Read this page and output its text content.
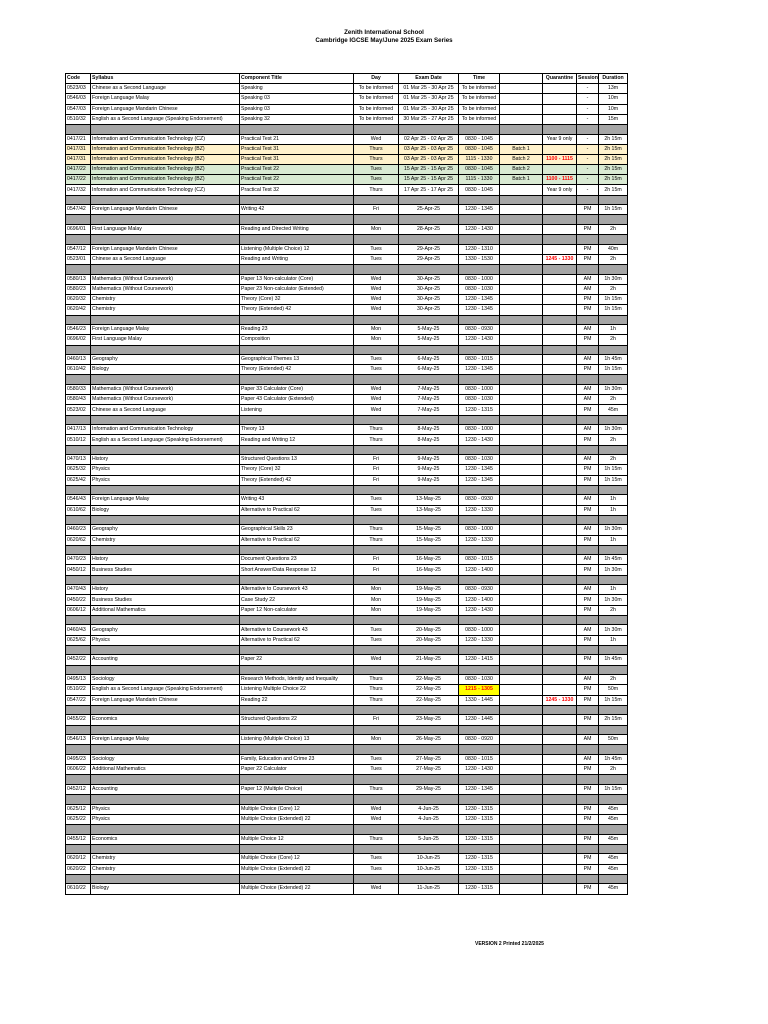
Zenith International School
Cambridge IGCSE May/June 2025 Exam Series
Code	Syllabus	Component Title	Day	Exam Date	Time		Quarantine	Session	Duration
0523/03	Chinese as a Second Language	Speaking	To be informed	01 Mar 25 - 30 Apr 25	To be informed			-	13m
0546/03	Foreign Language Malay	Speaking 03	To be informed	01 Mar 25 - 30 Apr 25	To be informed			-	10m
0547/03	Foreign Language Mandarin Chinese	Speaking 03	To be informed	01 Mar 25 - 30 Apr 25	To be informed			-	10m
0510/32	English as a Second Language (Speaking Endorsement)	Speaking 32	To be informed	30 Mar 25 - 27 Apr 25	To be informed			-	15m

0417/21	Information and Communication Technology (CZ)	Practical Test 21	Wed	02 Apr 25 - 02 Apr 25	0830 - 1045		Year 9 only	-	2h 15m
0417/31	Information and Communication Technology (BZ)	Practical Test 31	Thurs	03 Apr 25 - 03 Apr 25	0830 - 1045	Batch 1		-	2h 15m
0417/31	Information and Communication Technology (BZ)	Practical Test 31	Thurs	03 Apr 25 - 03 Apr 25	1115 - 1330	Batch 2	1100 - 1115	-	2h 15m
0417/22	Information and Communication Technology (BZ)	Practical Test 22	Tues	15 Apr 25 - 15 Apr 25	0830 - 1045	Batch 2		-	2h 15m
0417/22	Information and Communication Technology (BZ)	Practical Test 22	Tues	15 Apr 25 - 15 Apr 25	1115 - 1330	Batch 1	1100 - 1115	-	2h 15m
0417/32	Information and Communication Technology (CZ)	Practical Test 32	Thurs	17 Apr 25 - 17 Apr 25	0830 - 1045		Year 9 only	-	2h 15m

0547/42	Foreign Language Mandarin Chinese	Writing 42	Fri	25-Apr-25	1230 - 1345			PM	1h 15m

0696/01	First Language Malay	Reading and Directed Writing	Mon	28-Apr-25	1230 - 1430			PM	2h

0547/12	Foreign Language Mandarin Chinese	Listening (Multiple Choice) 12	Tues	29-Apr-25	1230 - 1310			PM	40m
0523/01	Chinese as a Second Language	Reading and Writing	Tues	29-Apr-25	1330 - 1530		1245 - 1330	PM	2h

0580/13	Mathematics (Without Coursework)	Paper 13 Non-calculator (Core)	Wed	30-Apr-25	0830 - 1000			AM	1h 30m
0580/23	Mathematics (Without Coursework)	Paper 23 Non-calculator (Extended)	Wed	30-Apr-25	0830 - 1030			AM	2h
0620/32	Chemistry	Theory (Core) 32	Wed	30-Apr-25	1230 - 1345			PM	1h 15m
0620/42	Chemistry	Theory (Extended) 42	Wed	30-Apr-25	1230 - 1345			PM	1h 15m

0546/23	Foreign Language Malay	Reading 23	Mon	5-May-25	0830 - 0930			AM	1h
0696/02	First Language Malay	Composition	Mon	5-May-25	1230 - 1430			PM	2h

0460/13	Geography	Geographical Themes 13	Tues	6-May-25	0830 - 1015			AM	1h 45m
0610/42	Biology	Theory (Extended) 42	Tues	6-May-25	1230 - 1345			PM	1h 15m

0580/33	Mathematics (Without Coursework)	Paper 33 Calculator (Core)	Wed	7-May-25	0830 - 1000			AM	1h 30m
0580/43	Mathematics (Without Coursework)	Paper 43 Calculator (Extended)	Wed	7-May-25	0830 - 1030			AM	2h
0523/02	Chinese as a Second Language	Listening	Wed	7-May-25	1230 - 1315			PM	45m

0417/13	Information and Communication Technology	Theory 13	Thurs	8-May-25	0830 - 1000			AM	1h 30m
0510/12	English as a Second Language (Speaking Endorsement)	Reading and Writing 12	Thurs	8-May-25	1230 - 1430			PM	2h

0470/13	History	Structured Questions 13	Fri	9-May-25	0830 - 1030			AM	2h
0625/32	Physics	Theory (Core) 32	Fri	9-May-25	1230 - 1345			PM	1h 15m
0625/42	Physics	Theory (Extended) 42	Fri	9-May-25	1230 - 1345			PM	1h 15m

0546/43	Foreign Language Malay	Writing 43	Tues	13-May-25	0830 - 0930			AM	1h
0610/62	Biology	Alternative to Practical 62	Tues	13-May-25	1230 - 1330			PM	1h

0460/23	Geography	Geographical Skills 23	Thurs	15-May-25	0830 - 1000			AM	1h 30m
0620/62	Chemistry	Alternative to Practical 62	Thurs	15-May-25	1230 - 1330			PM	1h

0470/23	History	Document Questions 23	Fri	16-May-25	0830 - 1015			AM	1h 45m
0450/12	Business Studies	Short Answer/Data Response 12	Fri	16-May-25	1230 - 1400			PM	1h 30m

0470/43	History	Alternative to Coursework 43	Mon	19-May-25	0830 - 0930			AM	1h
0450/22	Business Studies	Case Study 22	Mon	19-May-25	1230 - 1400			PM	1h 30m
0606/12	Additional Mathematics	Paper 12 Non-calculator	Mon	19-May-25	1230 - 1430			PM	2h

0460/43	Geography	Alternative to Coursework 43	Tues	20-May-25	0830 - 1000			AM	1h 30m
0625/62	Physics	Alternative to Practical 62	Tues	20-May-25	1230 - 1330			PM	1h

0452/22	Accounting	Paper 22	Wed	21-May-25	1230 - 1415			PM	1h 45m

0495/13	Sociology	Research Methods, Identity and Inequality	Thurs	22-May-25	0830 - 1030			AM	2h
0510/22	English as a Second Language (Speaking Endorsement)	Listening Multiple Choice 22	Thurs	22-May-25	1215 - 1305			PM	50m
0547/22	Foreign Language Mandarin Chinese	Reading 22	Thurs	22-May-25	1330 - 1445		1245 - 1330	PM	1h 15m

0455/22	Economics	Structured Questions 22	Fri	23-May-25	1230 - 1445			PM	2h 15m

0546/13	Foreign Language Malay	Listening (Multiple Choice) 13	Mon	26-May-25	0830 - 0920			AM	50m

0495/23	Sociology	Family, Education and Crime 23	Tues	27-May-25	0830 - 1015			AM	1h 45m
0606/22	Additional Mathematics	Paper 22 Calculator	Tues	27-May-25	1230 - 1430			PM	2h

0452/12	Accounting	Paper 12 (Multiple Choice)	Thurs	29-May-25	1230 - 1345			PM	1h 15m

0625/12	Physics	Multiple Choice (Core) 12	Wed	4-Jun-25	1230 - 1315			PM	45m
0625/22	Physics	Multiple Choice (Extended) 22	Wed	4-Jun-25	1230 - 1315			PM	45m

0455/12	Economics	Multiple Choice 12	Thurs	5-Jun-25	1230 - 1315			PM	45m

0620/12	Chemistry	Multiple Choice (Core) 12	Tues	10-Jun-25	1230 - 1315			PM	45m
0620/22	Chemistry	Multiple Choice (Extended) 22	Tues	10-Jun-25	1230 - 1315			PM	45m

0610/22	Biology	Multiple Choice (Extended) 22	Wed	11-Jun-25	1230 - 1315			PM	45m
VERSION 2 Printed 21/2/2025
